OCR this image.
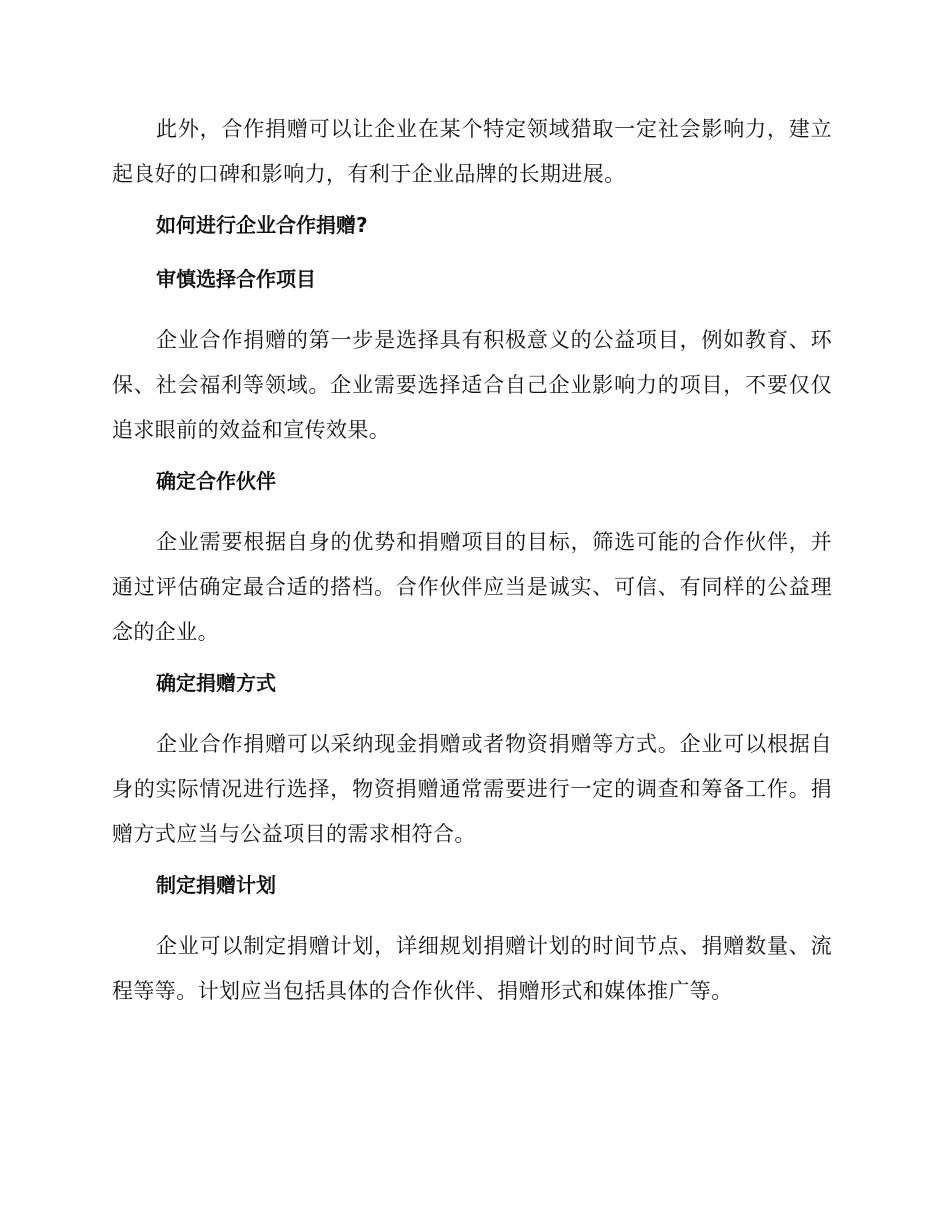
此外，合作捐赠可以让企业在某个特定领域猎取一定社会影响力，建立起良好的口碑和影响力，有利于企业品牌的长期进展。

如何进行企业合作捐赠?

审慎选择合作项目

企业合作捐赠的第一步是选择具有积极意义的公益项目，例如教育、环保、社会福利等领域。企业需要选择适合自己企业影响力的项目，不要仅仅追求眼前的效益和宣传效果。

确定合作伙伴

企业需要根据自身的优势和捐赠项目的目标，筛选可能的合作伙伴，并通过评估确定最合适的搭档。合作伙伴应当是诚实、可信、有同样的公益理念的企业。

确定捐赠方式

企业合作捐赠可以采纳现金捐赠或者物资捐赠等方式。企业可以根据自身的实际情况进行选择，物资捐赠通常需要进行一定的调查和筹备工作。捐赠方式应当与公益项目的需求相符合。

制定捐赠计划

企业可以制定捐赠计划，详细规划捐赠计划的时间节点、捐赠数量、流程等等。计划应当包括具体的合作伙伴、捐赠形式和媒体推广等。
